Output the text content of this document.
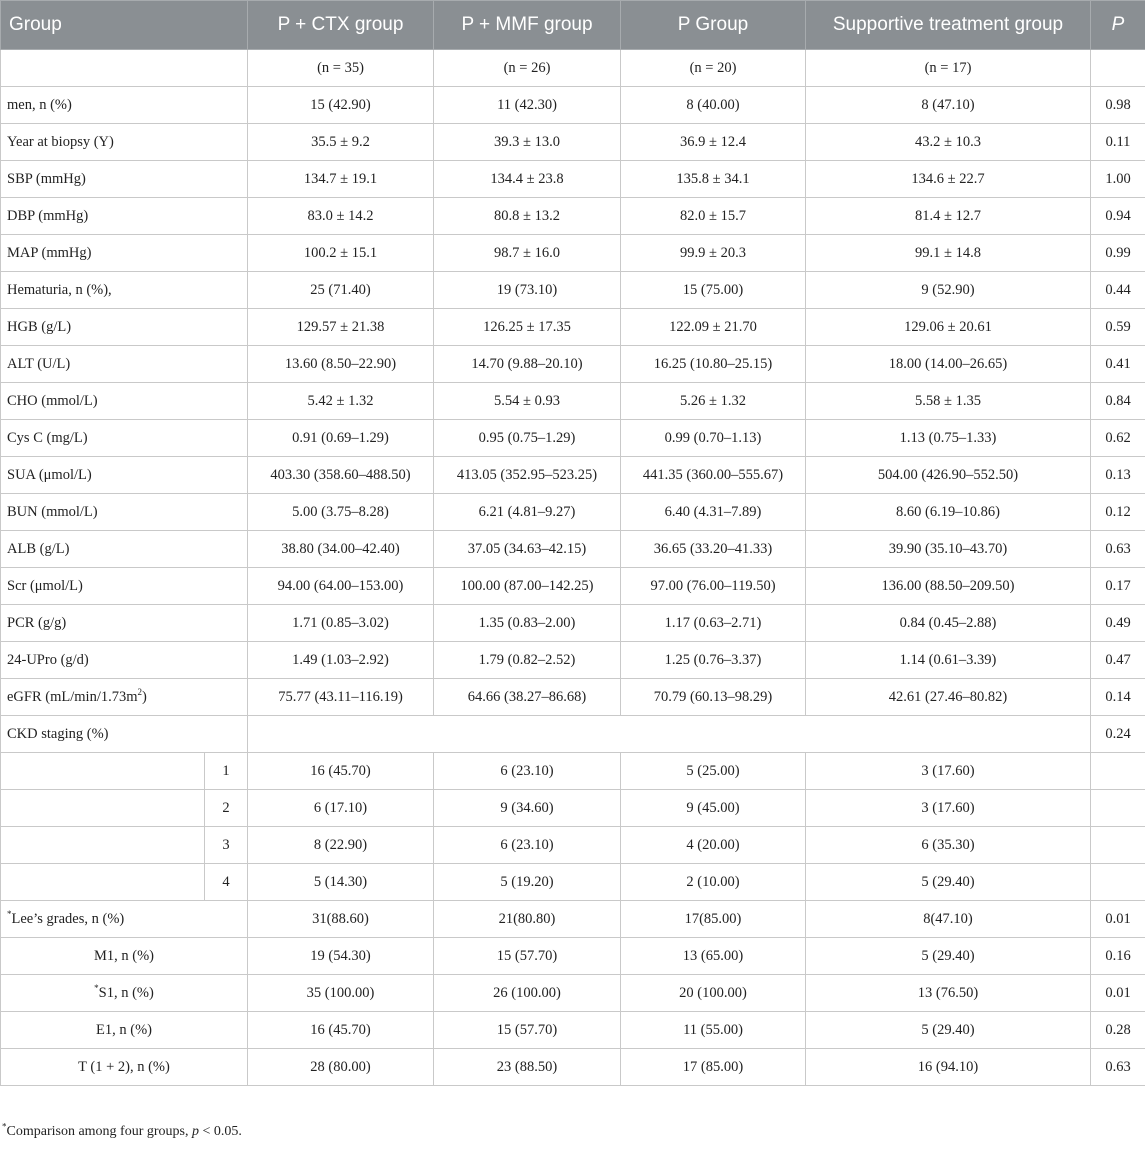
Group		P + CTX group	P + MMF group	P Group	Supportive treatment group	P
		(n = 35)	(n = 26)	(n = 20)	(n = 17)	
men, n (%)		15 (42.90)	11 (42.30)	8 (40.00)	8 (47.10)	0.98
Year at biopsy (Y)		35.5 ± 9.2	39.3 ± 13.0	36.9 ± 12.4	43.2 ± 10.3	0.11
SBP (mmHg)		134.7 ± 19.1	134.4 ± 23.8	135.8 ± 34.1	134.6 ± 22.7	1.00
DBP (mmHg)		83.0 ± 14.2	80.8 ± 13.2	82.0 ± 15.7	81.4 ± 12.7	0.94
MAP (mmHg)		100.2 ± 15.1	98.7 ± 16.0	99.9 ± 20.3	99.1 ± 14.8	0.99
Hematuria, n (%),		25 (71.40)	19 (73.10)	15 (75.00)	9 (52.90)	0.44
HGB (g/L)		129.57 ± 21.38	126.25 ± 17.35	122.09 ± 21.70	129.06 ± 20.61	0.59
ALT (U/L)		13.60 (8.50–22.90)	14.70 (9.88–20.10)	16.25 (10.80–25.15)	18.00 (14.00–26.65)	0.41
CHO (mmol/L)		5.42 ± 1.32	5.54 ± 0.93	5.26 ± 1.32	5.58 ± 1.35	0.84
Cys C (mg/L)		0.91 (0.69–1.29)	0.95 (0.75–1.29)	0.99 (0.70–1.13)	1.13 (0.75–1.33)	0.62
SUA (μmol/L)		403.30 (358.60–488.50)	413.05 (352.95–523.25)	441.35 (360.00–555.67)	504.00 (426.90–552.50)	0.13
BUN (mmol/L)		5.00 (3.75–8.28)	6.21 (4.81–9.27)	6.40 (4.31–7.89)	8.60 (6.19–10.86)	0.12
ALB (g/L)		38.80 (34.00–42.40)	37.05 (34.63–42.15)	36.65 (33.20–41.33)	39.90 (35.10–43.70)	0.63
Scr (μmol/L)		94.00 (64.00–153.00)	100.00 (87.00–142.25)	97.00 (76.00–119.50)	136.00 (88.50–209.50)	0.17
PCR (g/g)		1.71 (0.85–3.02)	1.35 (0.83–2.00)	1.17 (0.63–2.71)	0.84 (0.45–2.88)	0.49
24-UPro (g/d)		1.49 (1.03–2.92)	1.79 (0.82–2.52)	1.25 (0.76–3.37)	1.14 (0.61–3.39)	0.47
eGFR $(mL/\min/1.73m^2)$		75.77 (43.11–116.19)	64.66 (38.27–86.68)	70.79 (60.13–98.29)	42.61 (27.46–80.82)	0.14
CKD staging (%)						0.24
	1	16 (45.70)	6 (23.10)	5 (25.00)	3 (17.60)	
	2	6 (17.10)	9 (34.60)	9 (45.00)	3 (17.60)	
	3	8 (22.90)	6 (23.10)	4 (20.00)	6 (35.30)	
	4	5 (14.30)	5 (19.20)	2 (10.00)	5 (29.40)	
*Lee’s grades, n (%)		31(88.60)	21(80.80)	17(85.00)	8(47.10)	0.01
M1, n (%)		19 (54.30)	15 (57.70)	13 (65.00)	5 (29.40)	0.16
*S1, n (%)		35 (100.00)	26 (100.00)	20 (100.00)	13 (76.50)	0.01
E1, n (%)		16 (45.70)	15 (57.70)	11 (55.00)	5 (29.40)	0.28
T (1 + 2), n (%)		28 (80.00)	23 (88.50)	17 (85.00)	16 (94.10)	0.63
*Comparison among four groups, p < 0.05.
